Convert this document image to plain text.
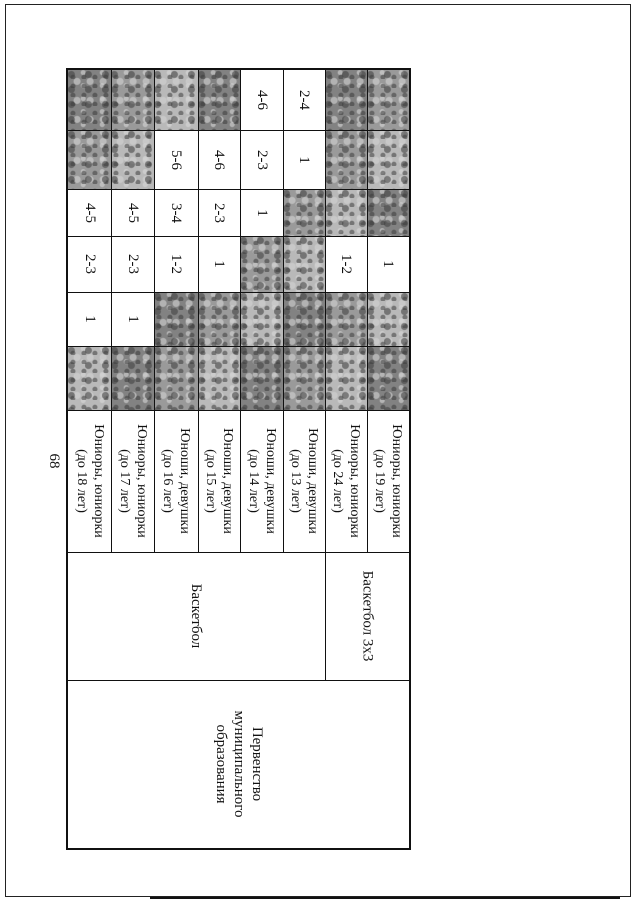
68
4-5
2-3
1
Юниоры, юниорки
(до 18 лет)
4-5
2-3
1
Юниоры, юниорки
(до 17 лет)
5-6
3-4
1-2
Юноши, девушки
(до 16 лет)
4-6
2-3
1
Юноши, девушки
(до 15 лет)
4-6
2-3
1
Юноши, девушки
(до 14 лет)
2-4
1
Юноши, девушки
(до 13 лет)
1-2
Юниоры, юниорки
(до 24 лет)
1
Юниоры, юниорки
(до 19 лет)
Баскетбол	Баскетбол 3х3
Первенство муниципального образования
